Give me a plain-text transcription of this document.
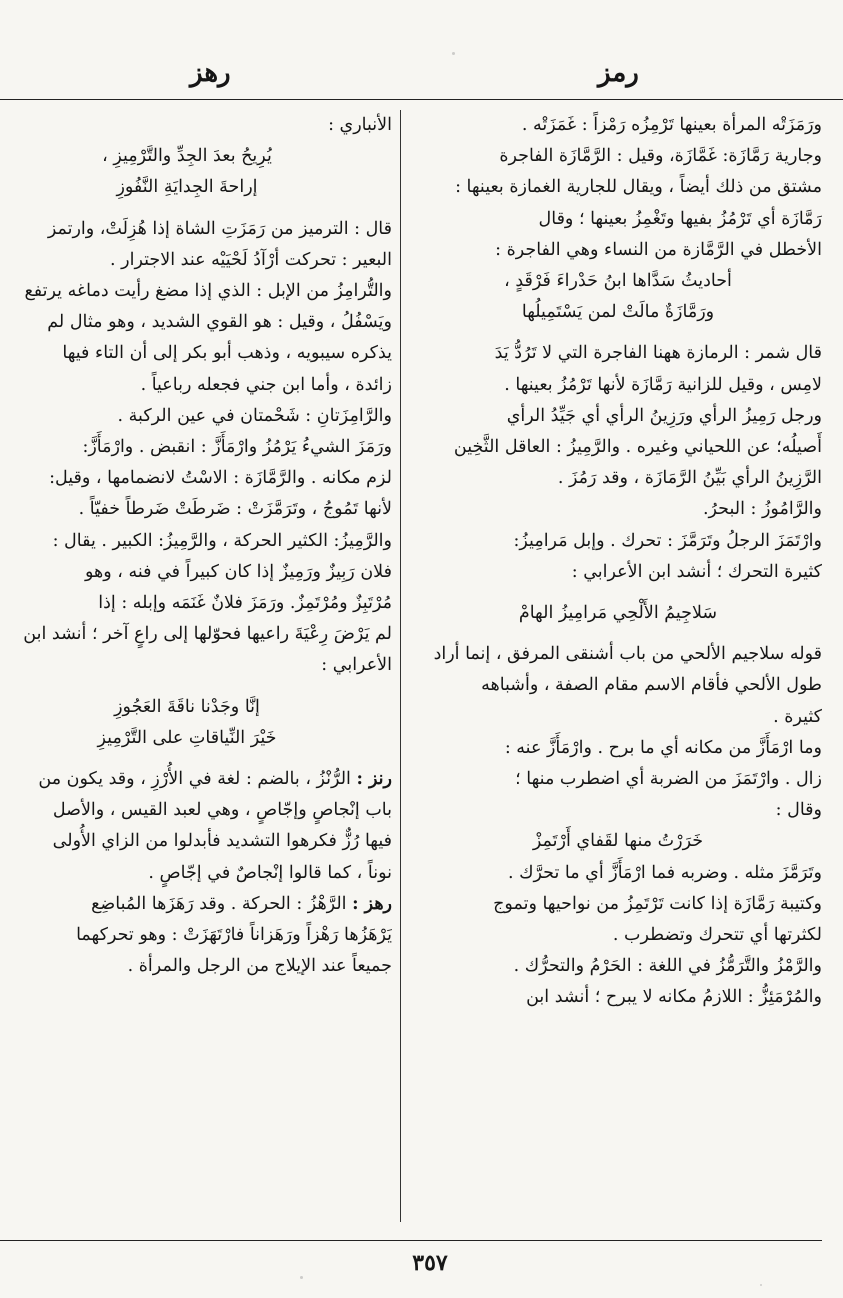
رمز
رهز

ورَمَزَتْه المرأة بعينها تَرْمِزُه رَمْزاً : غَمَزَتْه .

وجارية رَمَّازَة: غَمَّازَة، وقيل : الرَّمَّازَة الفاجرة

مشتق من ذلك أيضاً ، ويقال للجارية الغمازة بعينها :

رَمَّازَة أي تَرْمُزُ بفيها وتَغْمِزُ بعينها ؛ وقال

الأخطل في الرَّمَّازة من النساء وهي الفاجرة :

أحاديثُ سَدَّاها ابنُ حَدْراءَ فَرْقَدٍ ،
ورَمَّازَةٌ مالَتْ لمن يَسْتَمِيلُها

قال شمر : الرمازة ههنا الفاجرة التي لا تَرُدُّ يَدَ

لامِس ، وقيل للزانية رَمَّازَة لأنها تَرْمُزُ بعينها .

ورجل رَمِيزُ الرأي ورَزِينُ الرأي أي جَيِّدُ الرأي

أَصيلُه؛ عن اللحياني وغيره . والرَّمِيزُ : العاقل الثَّخِين

الرَّزِينُ الرأي بَيِّنُ الرَّمَازَة ، وقد رَمُزَ .

والرَّامُوزُ : البحرُ.

وارْتَمَزَ الرجلُ وتَرَمَّزَ : تحرك . وإبل مَرامِيزُ:

كثيرة التحرك ؛ أنشد ابن الأعرابي :

سَلاجِيمُ الأَلْحِي مَرامِيزُ الهامْ

قوله سلاجيم الألحي من باب أشنقى المرفق ، إنما أراد

طول الألحي فأقام الاسم مقام الصفة ، وأشباهه

كثيرة .

وما ارْمَأَزَّ من مكانه أي ما برح . وارْمَأَزَّ عنه :

زال . وارْتَمَزَ من الضربة أي اضطرب منها ؛

وقال :

خَرَرْتُ منها لقَفاي أَرْتَمِزْ

وتَرَمَّزَ مثله . وضربه فما ارْمَأَزَّ أي ما تحرَّك .

وكتيبة رَمَّازَة إذا كانت تَرْتَمِزُ من نواحيها وتموج

لكثرتها أي تتحرك وتضطرب .

والرَّمْزُ والتَّرَمُّزُ في اللغة : الحَرْمُ والتحرُّك .

والمُرْمَئِزُّ : اللازمُ مكانه لا يبرح ؛ أنشد ابن

الأنباري :

يُرِيحُ بعدَ الجِدِّ والتَّرْمِيزِ ،
إراحةَ الجِدايَةِ النَّفُوزِ

قال : الترميز من رَمَزَتِ الشاة إذا هُزِلَتْ، وارتمز

البعير : تحركت أرْآدُ لَحْيَيْه عند الاجترار .

والتُّرامِزُ من الإبل : الذي إذا مضغ رأيت دماغه يرتفع

ويَسْفُلُ ، وقيل : هو القوي الشديد ، وهو مثال لم

يذكره سيبويه ، وذهب أبو بكر إلى أن التاء فيها

زائدة ، وأما ابن جني فجعله رباعياً .

والرَّامِزَتانِ : شَحْمتان في عين الركبة .

ورَمَزَ الشيءُ يَرْمُزُ وارْمَأَزَّ : انقبض . وارْمَأَزَّ:

لزم مكانه . والرَّمَّازَة : الاسْتُ لانضمامها ، وقيل:

لأنها تَمُوجُ ، وتَرَمَّزَتْ : ضَرطَتْ ضَرطاً خفيّاً .

والرَّمِيزُ: الكثير الحركة ، والرَّمِيزُ: الكبير . يقال :

فلان رَبِيزٌ ورَمِيزٌ إذا كان كبيراً في فنه ، وهو

مُرْتَبِزٌ ومُرْتَمِزٌ. ورَمَزَ فلانٌ غَنَمَه وإبله : إذا

لم يَرْضَ رِعْيَةَ راعيها فحوّلها إلى راعٍ آخر ؛ أنشد ابن

الأعرابي :

إنَّا وجَدْنا ناقَةَ العَجُوزِ
خَيْرَ النِّياقاتِ على التَّرْمِيزِ

رنز : الرُّنْزُ ، بالضم : لغة في الأُرْزِ ، وقد يكون من

باب إنْجاصٍ وإجّاصٍ ، وهي لعبد القيس ، والأصل

فيها رُزٌّ فكرهوا التشديد فأبدلوا من الزاي الأُولى

نوناً ، كما قالوا إنْجاصٌ في إجّاصٍ .

رهز : الرَّهْزُ : الحركة . وقد رَهَزَها المُباضِع

يَرْهَزُها رَهْزاً ورَهَزاناً فارْتَهَزَتْ : وهو تحركهما

جميعاً عند الإيلاج من الرجل والمرأة .

٣٥٧
